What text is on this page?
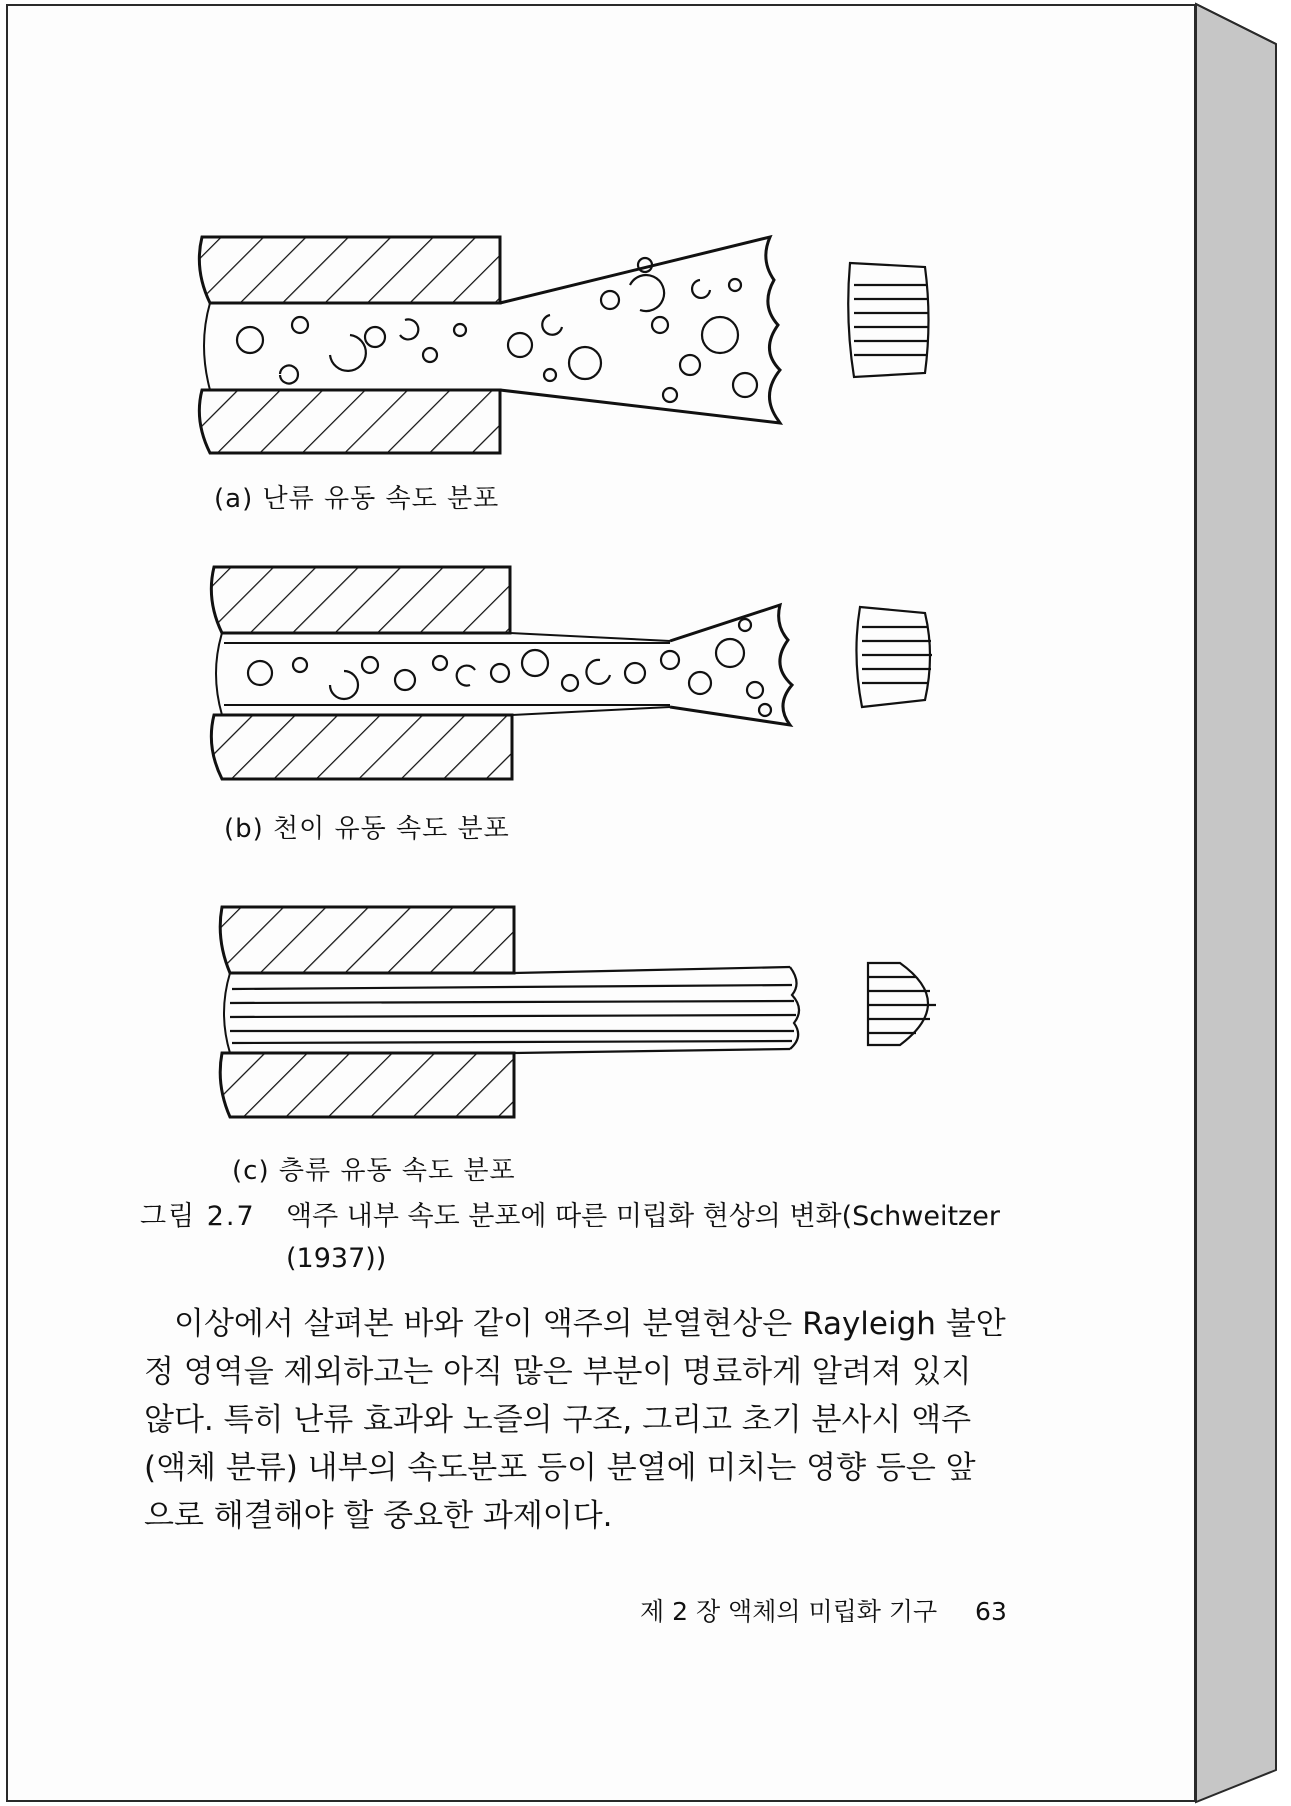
(a) 난류 유동 속도 분포
(b) 천이 유동 속도 분포
(c) 층류 유동 속도 분포
그림 2.7 액주 내부 속도 분포에 따른 미립화 현상의 변화(Schweitzer
(1937))
이상에서 살펴본 바와 같이 액주의 분열현상은 Rayleigh 불안
정 영역을 제외하고는 아직 많은 부분이 명료하게 알려져 있지
않다. 특히 난류 효과와 노즐의 구조, 그리고 초기 분사시 액주
(액체 분류) 내부의 속도분포 등이 분열에 미치는 영향 등은 앞
으로 해결해야 할 중요한 과제이다.
제 2 장 액체의 미립화 기구 63
